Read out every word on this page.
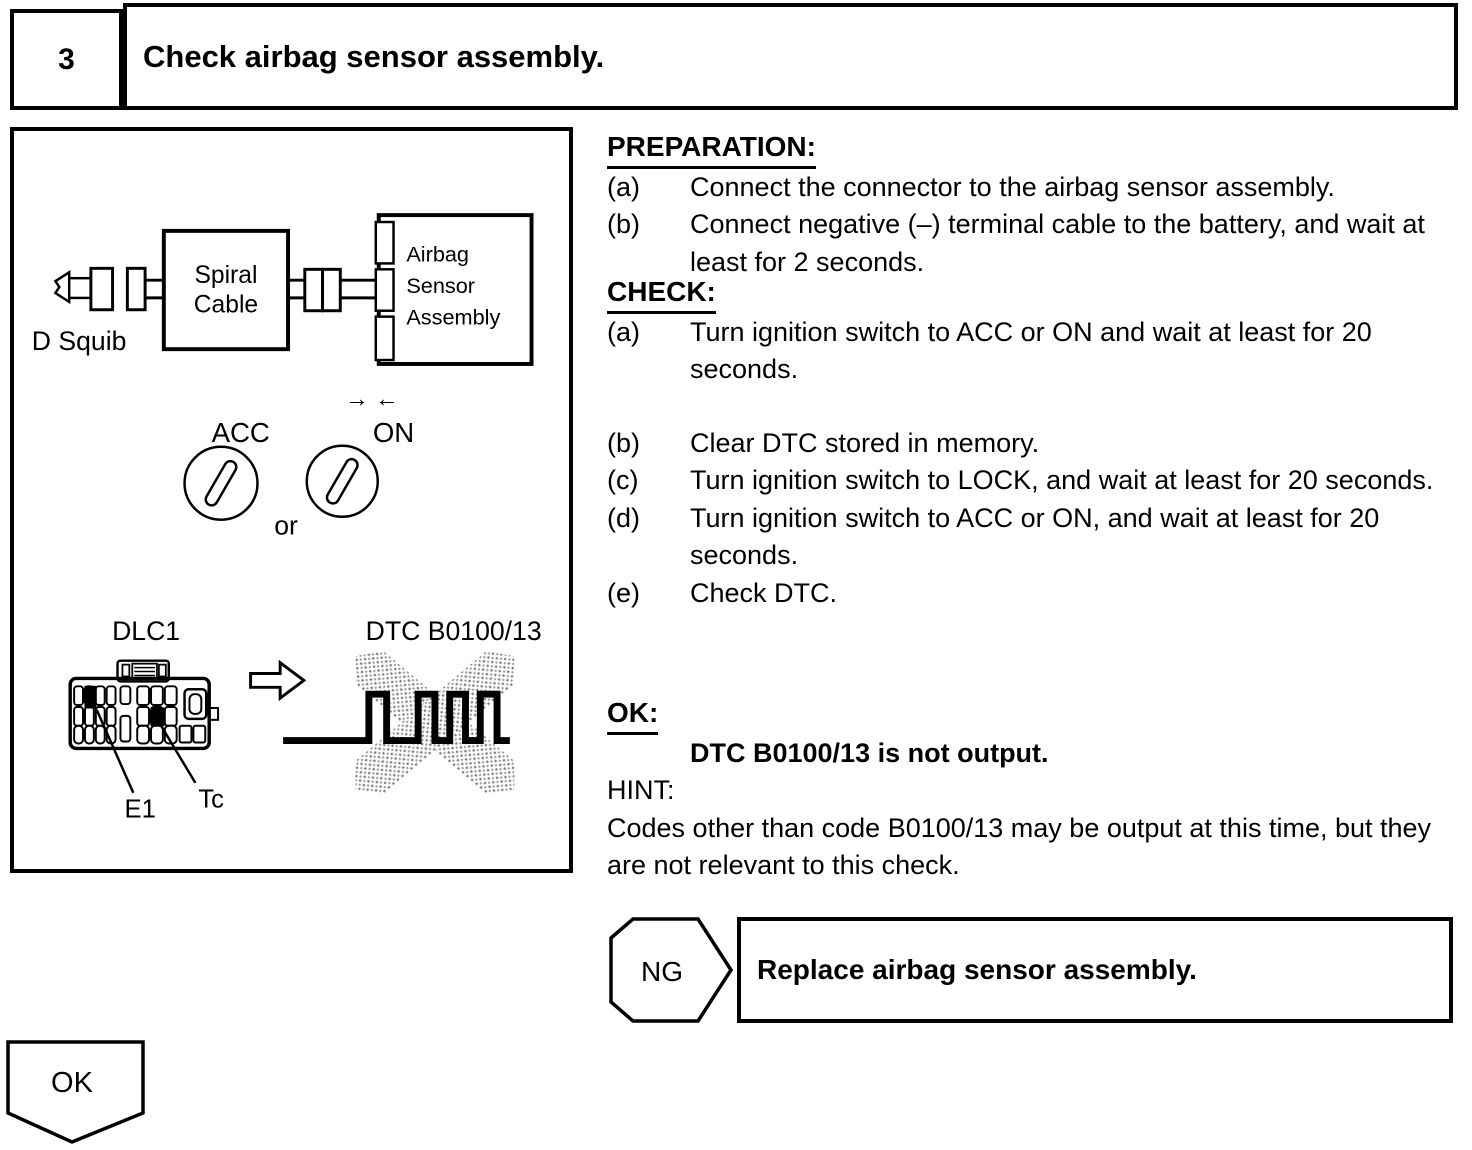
3 Check airbag sensor assembly.
D Squib
Spiral
Cable
Airbag
Sensor
Assembly
→ ←
ACC	ON
or
DLC1
E1 Tc
DTC B0100/13
PREPARATION:
(a)	Connect the connector to the airbag sensor assembly.
(b)	Connect negative (–) terminal cable to the battery, and wait at least for 2 seconds.
CHECK:
(a)	Turn ignition switch to ACC or ON and wait at least for 20 seconds.
(b)	Clear DTC stored in memory.
(c)	Turn ignition switch to LOCK, and wait at least for 20 seconds.
(d)	Turn ignition switch to ACC or ON, and wait at least for 20 seconds.
(e)	Check DTC.
OK:
DTC B0100/13 is not output.
HINT:

Codes other than code B0100/13 may be output at this time, but they are not relevant to this check.

NG	Replace airbag sensor assembly.
OK
